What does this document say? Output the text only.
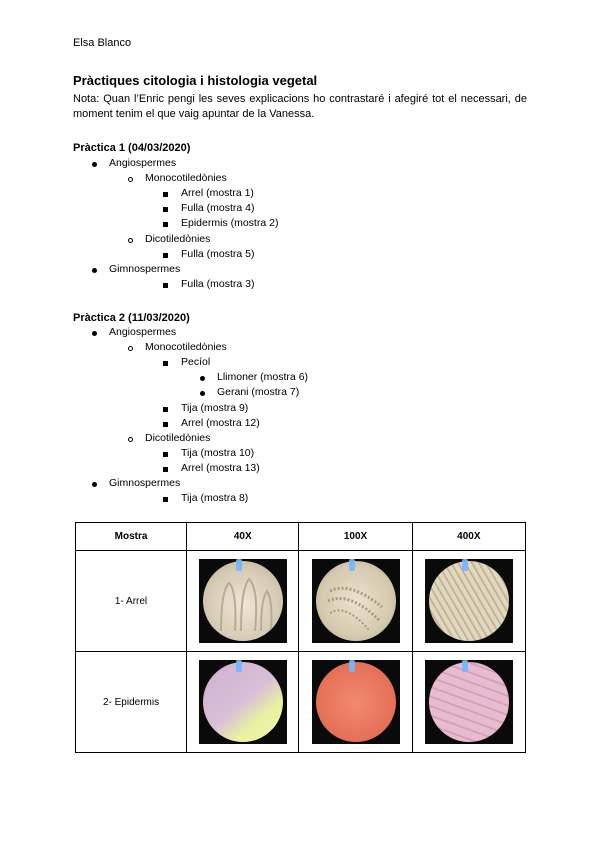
Elsa Blanco
Pràctiques citologia i histologia vegetal
Nota: Quan l’Enric pengi les seves explicacions ho contrastaré i afegiré tot el necessari, de moment tenim el que vaig apuntar de la Vanessa.
Pràctica 1 (04/03/2020)
Angiospermes
Monocotiledònies
Arrel (mostra 1)
Fulla (mostra 4)
Epidermis (mostra 2)
Dicotiledònies
Fulla (mostra 5)
Gimnospermes
Fulla (mostra 3)
Pràctica 2 (11/03/2020)
Angiospermes
Monocotiledònies
Pecíol
Llimoner (mostra 6)
Gerani (mostra 7)
Tija (mostra 9)
Arrel (mostra 12)
Dicotiledònies
Tija (mostra 10)
Arrel (mostra 13)
Gimnospermes
Tija (mostra 8)
Mostra	40X	100X	400X
1- Arrel	

2- Epidermis	
